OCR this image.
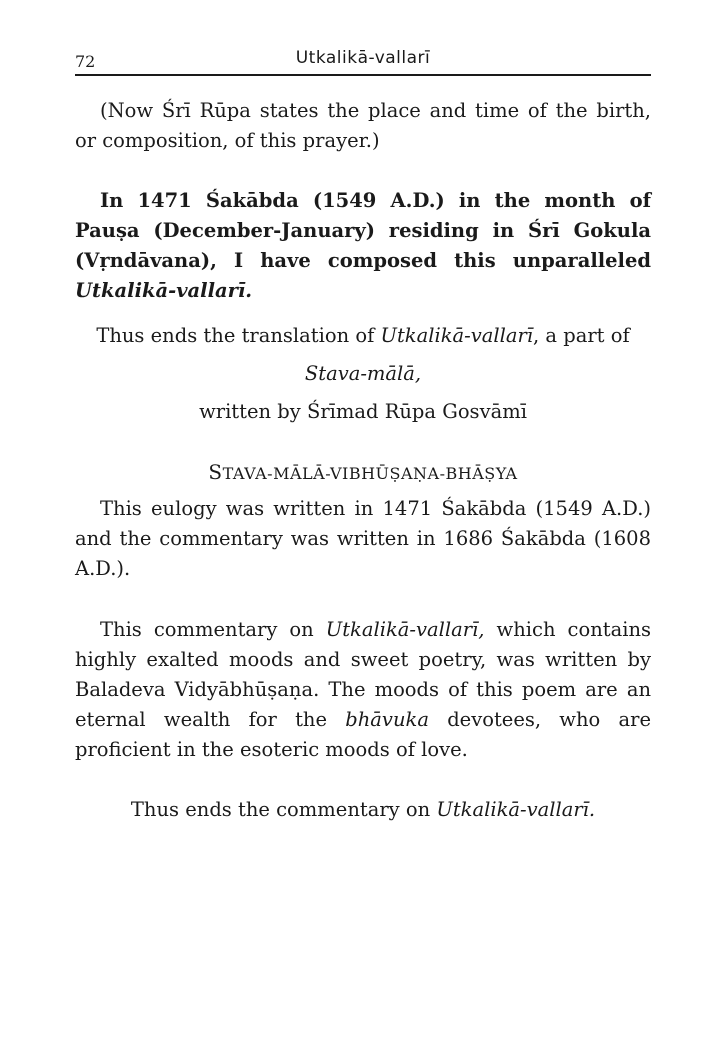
72	Utkalikā-vallarī

(Now Śrī Rūpa states the place and time of the birth, or composition, of this prayer.)

In 1471 Śakābda (1549 A.D.) in the month of Pauṣa (December-January) residing in Śrī Gokula (Vṛndāvana), I have composed this unparalleled Utkalikā-vallarī.

Thus ends the translation of Utkalikā-vallarī, a part of

Stava-mālā,

written by Śrīmad Rūpa Gosvāmī

STAVA-MĀLĀ-VIBHŪṢAṆA-BHĀṢYA

This eulogy was written in 1471 Śakābda (1549 A.D.) and the commentary was written in 1686 Śakābda (1608 A.D.).

This commentary on Utkalikā-vallarī, which contains highly exalted moods and sweet poetry, was written by Baladeva Vidyābhūṣaṇa. The moods of this poem are an eternal wealth for the bhāvuka devotees, who are proficient in the esoteric moods of love.

Thus ends the commentary on Utkalikā-vallarī.
